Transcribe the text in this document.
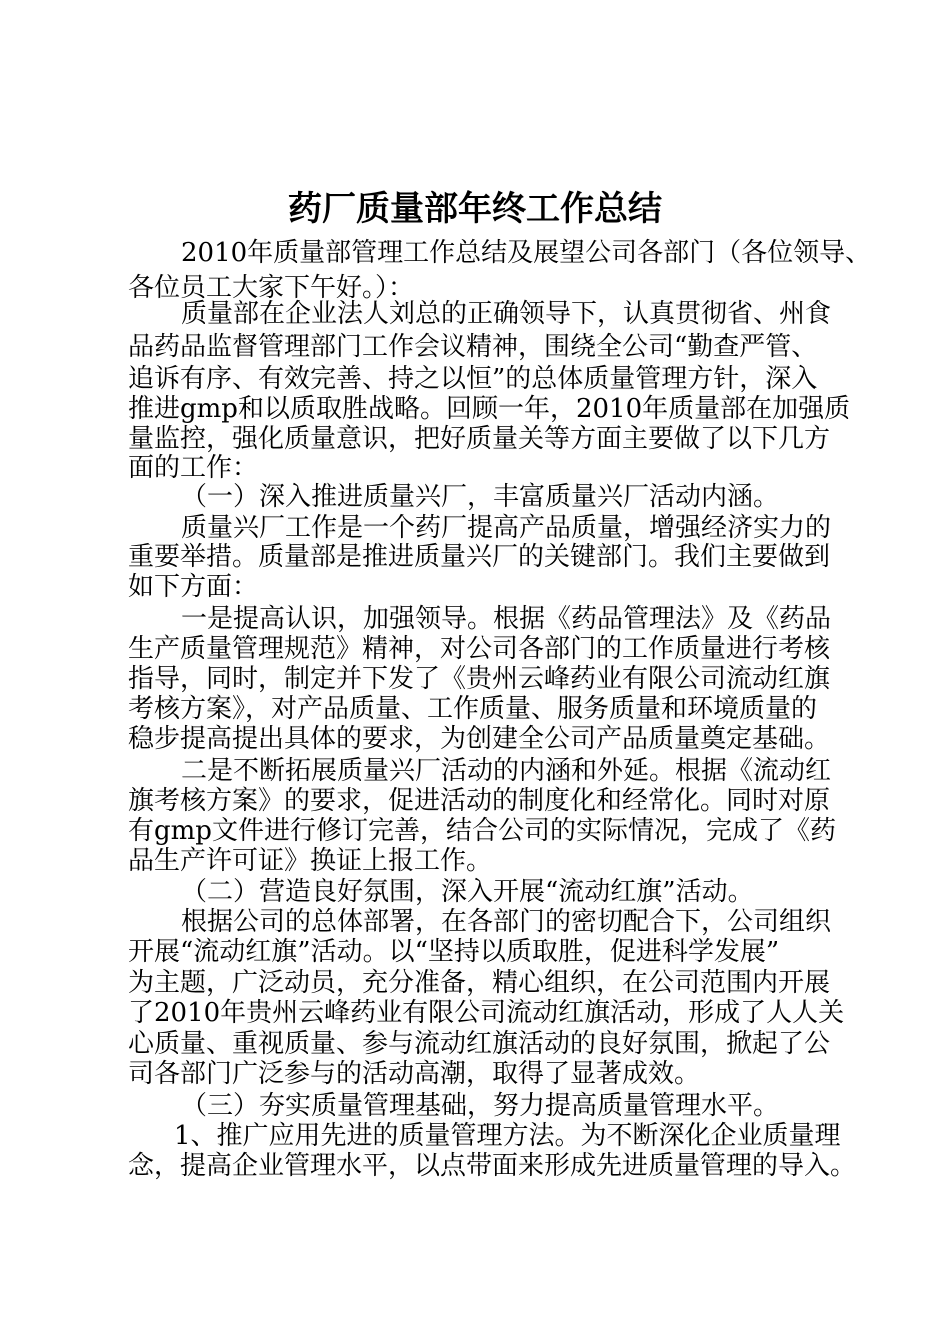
药厂质量部年终工作总结

2010年质量部管理工作总结及展望公司各部门（各位领导、

各位员工大家下午好。）：

质量部在企业法人刘总的正确领导下，认真贯彻省、州食

品药品监督管理部门工作会议精神，围绕全公司“勤查严管、

追诉有序、有效完善、持之以恒”的总体质量管理方针，深入

推进gmp和以质取胜战略。回顾一年，2010年质量部在加强质

量监控，强化质量意识，把好质量关等方面主要做了以下几方

面的工作：

（一）深入推进质量兴厂，丰富质量兴厂活动内涵。

质量兴厂工作是一个药厂提高产品质量，增强经济实力的

重要举措。质量部是推进质量兴厂的关键部门。我们主要做到

如下方面：

一是提高认识，加强领导。根据《药品管理法》及《药品

生产质量管理规范》精神，对公司各部门的工作质量进行考核

指导，同时，制定并下发了《贵州云峰药业有限公司流动红旗

考核方案》，对产品质量、工作质量、服务质量和环境质量的

稳步提高提出具体的要求，为创建全公司产品质量奠定基础。

二是不断拓展质量兴厂活动的内涵和外延。根据《流动红

旗考核方案》的要求，促进活动的制度化和经常化。同时对原

有gmp文件进行修订完善，结合公司的实际情况，完成了《药

品生产许可证》换证上报工作。

（二）营造良好氛围，深入开展“流动红旗”活动。

根据公司的总体部署，在各部门的密切配合下，公司组织

开展“流动红旗”活动。以“坚持以质取胜，促进科学发展”

为主题，广泛动员，充分准备，精心组织，在公司范围内开展

了2010年贵州云峰药业有限公司流动红旗活动，形成了人人关

心质量、重视质量、参与流动红旗活动的良好氛围，掀起了公

司各部门广泛参与的活动高潮，取得了显著成效。

（三）夯实质量管理基础，努力提高质量管理水平。

1、推广应用先进的质量管理方法。为不断深化企业质量理

念，提高企业管理水平，以点带面来形成先进质量管理的导入。
